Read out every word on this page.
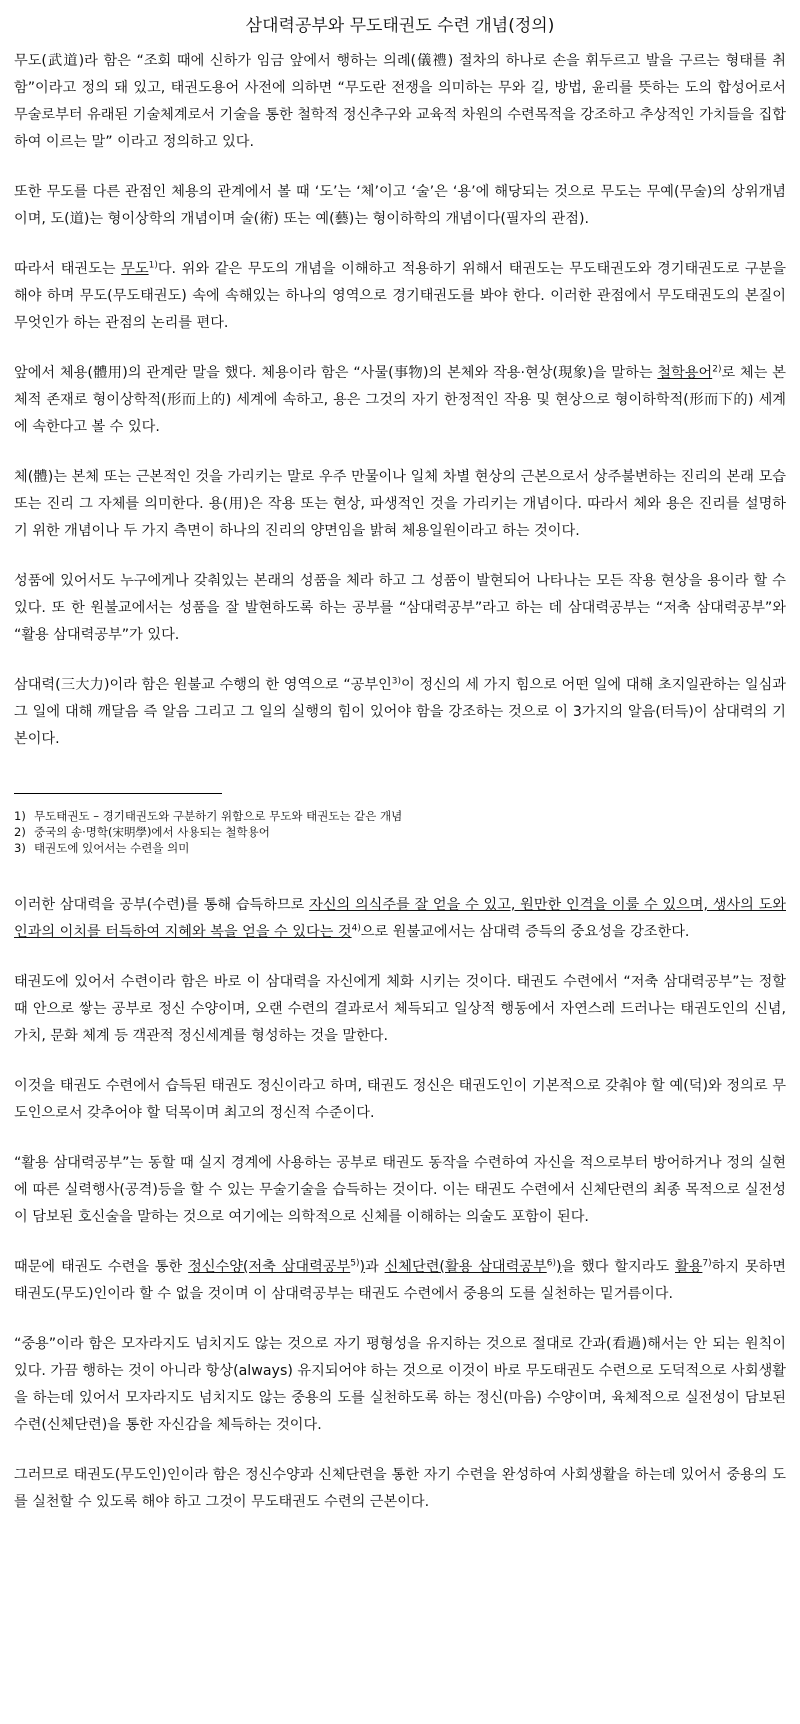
삼대력공부와 무도태권도 수련 개념(정의)

무도(武道)라 함은 “조회 때에 신하가 임금 앞에서 행하는 의례(儀禮) 절차의 하나로 손을 휘두르고 발을 구르는 형태를 취함”이라고 정의 돼 있고, 태권도용어 사전에 의하면 “무도란 전쟁을 의미하는 무와 길, 방법, 윤리를 뜻하는 도의 합성어로서 무술로부터 유래된 기술체계로서 기술을 통한 철학적 정신추구와 교육적 차원의 수련목적을 강조하고 추상적인 가치들을 집합하여 이르는 말” 이라고 정의하고 있다.

또한 무도를 다른 관점인 체용의 관계에서 볼 때 ‘도’는 ‘체’이고 ‘술’은 ‘용’에 해당되는 것으로 무도는 무예(무술)의 상위개념이며, 도(道)는 형이상학의 개념이며 술(術) 또는 예(藝)는 형이하학의 개념이다(필자의 관점).

따라서 태권도는 무도$^{1)}$다. 위와 같은 무도의 개념을 이해하고 적용하기 위해서 태권도는 무도태권도와 경기태권도로 구분을 해야 하며 무도(무도태권도) 속에 속해있는 하나의 영역으로 경기태권도를 봐야 한다. 이러한 관점에서 무도태권도의 본질이 무엇인가 하는 관점의 논리를 편다.

앞에서 체용(體用)의 관계란 말을 했다. 체용이라 함은 “사물(事物)의 본체와 작용·현상(現象)을 말하는 철학용어$^{2)}$로 체는 본체적 존재로 형이상학적(形而上的) 세계에 속하고, 용은 그것의 자기 한정적인 작용 및 현상으로 형이하학적(形而下的) 세계에 속한다고 볼 수 있다.

체(體)는 본체 또는 근본적인 것을 가리키는 말로 우주 만물이나 일체 차별 현상의 근본으로서 상주불변하는 진리의 본래 모습 또는 진리 그 자체를 의미한다. 용(用)은 작용 또는 현상, 파생적인 것을 가리키는 개념이다. 따라서 체와 용은 진리를 설명하기 위한 개념이나 두 가지 측면이 하나의 진리의 양면임을 밝혀 체용일원이라고 하는 것이다.

성품에 있어서도 누구에게나 갖춰있는 본래의 성품을 체라 하고 그 성품이 발현되어 나타나는 모든 작용 현상을 용이라 할 수 있다. 또 한 원불교에서는 성품을 잘 발현하도록 하는 공부를 “삼대력공부”라고 하는 데 삼대력공부는 “저축 삼대력공부”와 “활용 삼대력공부”가 있다.

삼대력(三大力)이라 함은 원불교 수행의 한 영역으로 “공부인$^{3)}$이 정신의 세 가지 힘으로 어떤 일에 대해 초지일관하는 일심과 그 일에 대해 깨달음 즉 알음 그리고 그 일의 실행의 힘이 있어야 함을 강조하는 것으로 이 3가지의 알음(터득)이 삼대력의 기본이다.

1) 무도태권도 – 경기태권도와 구분하기 위함으로 무도와 태권도는 같은 개념

2) 중국의 송·명학(宋明學)에서 사용되는 철학용어

3) 태권도에 있어서는 수련을 의미

이러한 삼대력을 공부(수련)를 통해 습득하므로 자신의 의식주를 잘 얻을 수 있고, 원만한 인격을 이룰 수 있으며, 생사의 도와 인과의 이치를 터득하여 지혜와 복을 얻을 수 있다는 것$^{4)}$으로 원불교에서는 삼대력 증득의 중요성을 강조한다.

태권도에 있어서 수련이라 함은 바로 이 삼대력을 자신에게 체화 시키는 것이다. 태권도 수련에서 “저축 삼대력공부”는 정할 때 안으로 쌓는 공부로 정신 수양이며, 오랜 수련의 결과로서 체득되고 일상적 행동에서 자연스레 드러나는 태권도인의 신념, 가치, 문화 체계 등 객관적 정신세계를 형성하는 것을 말한다.

이것을 태권도 수련에서 습득된 태권도 정신이라고 하며, 태권도 정신은 태권도인이 기본적으로 갖춰야 할 예(덕)와 정의로 무도인으로서 갖추어야 할 덕목이며 최고의 정신적 수준이다.

“활용 삼대력공부”는 동할 때 실지 경계에 사용하는 공부로 태권도 동작을 수련하여 자신을 적으로부터 방어하거나 정의 실현에 따른 실력행사(공격)등을 할 수 있는 무술기술을 습득하는 것이다. 이는 태권도 수련에서 신체단련의 최종 목적으로 실전성이 담보된 호신술을 말하는 것으로 여기에는 의학적으로 신체를 이해하는 의술도 포함이 된다.

때문에 태권도 수련을 통한 정신수양(저축 삼대력공부$^{5)}$)과 신체단련(활용 삼대력공부$^{6)}$)을 했다 할지라도 활용$^{7)}$하지 못하면 태권도(무도)인이라 할 수 없을 것이며 이 삼대력공부는 태권도 수련에서 중용의 도를 실천하는 밑거름이다.

“중용”이라 함은 모자라지도 넘치지도 않는 것으로 자기 평형성을 유지하는 것으로 절대로 간과(看過)해서는 안 되는 원칙이 있다. 가끔 행하는 것이 아니라 항상(always) 유지되어야 하는 것으로 이것이 바로 무도태권도 수련으로 도덕적으로 사회생활을 하는데 있어서 모자라지도 넘치지도 않는 중용의 도를 실천하도록 하는 정신(마음) 수양이며, 육체적으로 실전성이 담보된 수련(신체단련)을 통한 자신감을 체득하는 것이다.

그러므로 태권도(무도인)인이라 함은 정신수양과 신체단련을 통한 자기 수련을 완성하여 사회생활을 하는데 있어서 중용의 도를 실천할 수 있도록 해야 하고 그것이 무도태권도 수련의 근본이다.
